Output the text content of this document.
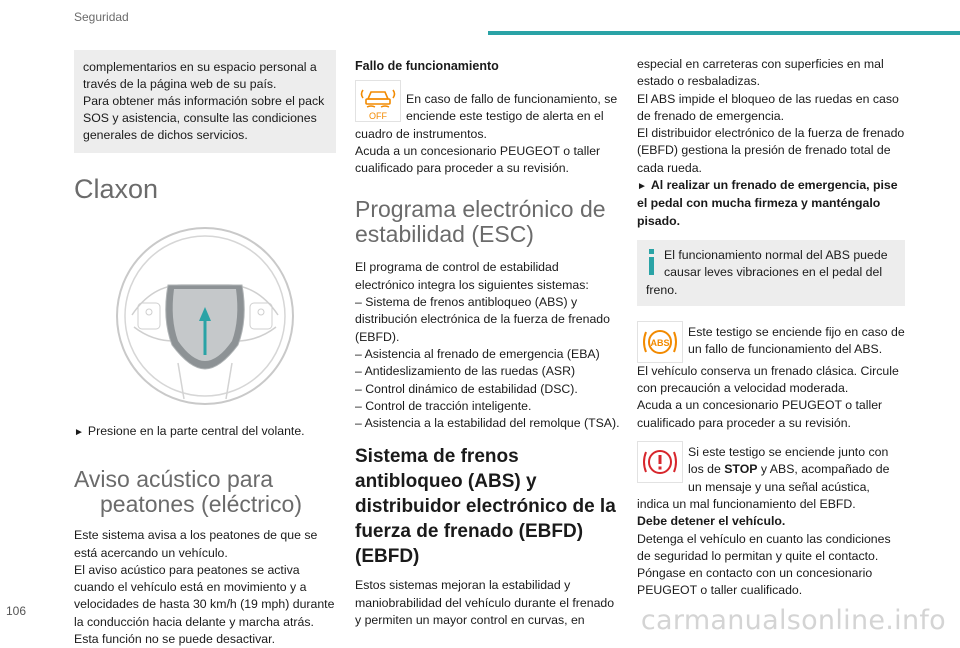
Seguridad

complementarios en su espacio personal a través de la página web de su país.

Para obtener más información sobre el pack SOS y asistencia, consulte las condiciones generales de dichos servicios.

Claxon

► Presione en la parte central del volante.

Aviso acústico para
peatones (eléctrico)

Este sistema avisa a los peatones de que se está acercando un vehículo.

El aviso acústico para peatones se activa cuando el vehículo está en movimiento y a velocidades de hasta 30 km/h (19 mph) durante la conducción hacia delante y marcha atrás.

Esta función no se puede desactivar.

Fallo de funcionamiento
OFF

En caso de fallo de funcionamiento, se enciende este testigo de alerta en el cuadro de instrumentos.

Acuda a un concesionario PEUGEOT o taller cualificado para proceder a su revisión.

Programa electrónico de estabilidad (ESC)

El programa de control de estabilidad electrónico integra los siguientes sistemas:

– Sistema de frenos antibloqueo (ABS) y distribución electrónica de la fuerza de frenado (EBFD).

– Asistencia al frenado de emergencia (EBA)

– Antideslizamiento de las ruedas (ASR)

– Control dinámico de estabilidad (DSC).

– Control de tracción inteligente.

– Asistencia a la estabilidad del remolque (TSA).

Sistema de frenos antibloqueo (ABS) y distribuidor electrónico de la fuerza de frenado (EBFD) (EBFD)

Estos sistemas mejoran la estabilidad y maniobrabilidad del vehículo durante el frenado y permiten un mayor control en curvas, en

especial en carreteras con superficies en mal estado o resbaladizas.

El ABS impide el bloqueo de las ruedas en caso de frenado de emergencia.

El distribuidor electrónico de la fuerza de frenado (EBFD) gestiona la presión de frenado total de cada rueda.

► Al realizar un frenado de emergencia, pise el pedal con mucha firmeza y manténgalo pisado.

El funcionamiento normal del ABS puede causar leves vibraciones en el pedal del freno.

ABS

Este testigo se enciende fijo en caso de un fallo de funcionamiento del ABS.

El vehículo conserva un frenado clásica. Circule con precaución a velocidad moderada.

Acuda a un concesionario PEUGEOT o taller cualificado para proceder a su revisión.

Si este testigo se enciende junto con los de STOP y ABS, acompañado de un mensaje y una señal acústica, indica un mal funcionamiento del EBFD.

Debe detener el vehículo.

Detenga el vehículo en cuanto las condiciones de seguridad lo permitan y quite el contacto.

Póngase en contacto con un concesionario PEUGEOT o taller cualificado.

106	carmanualsonline.info
